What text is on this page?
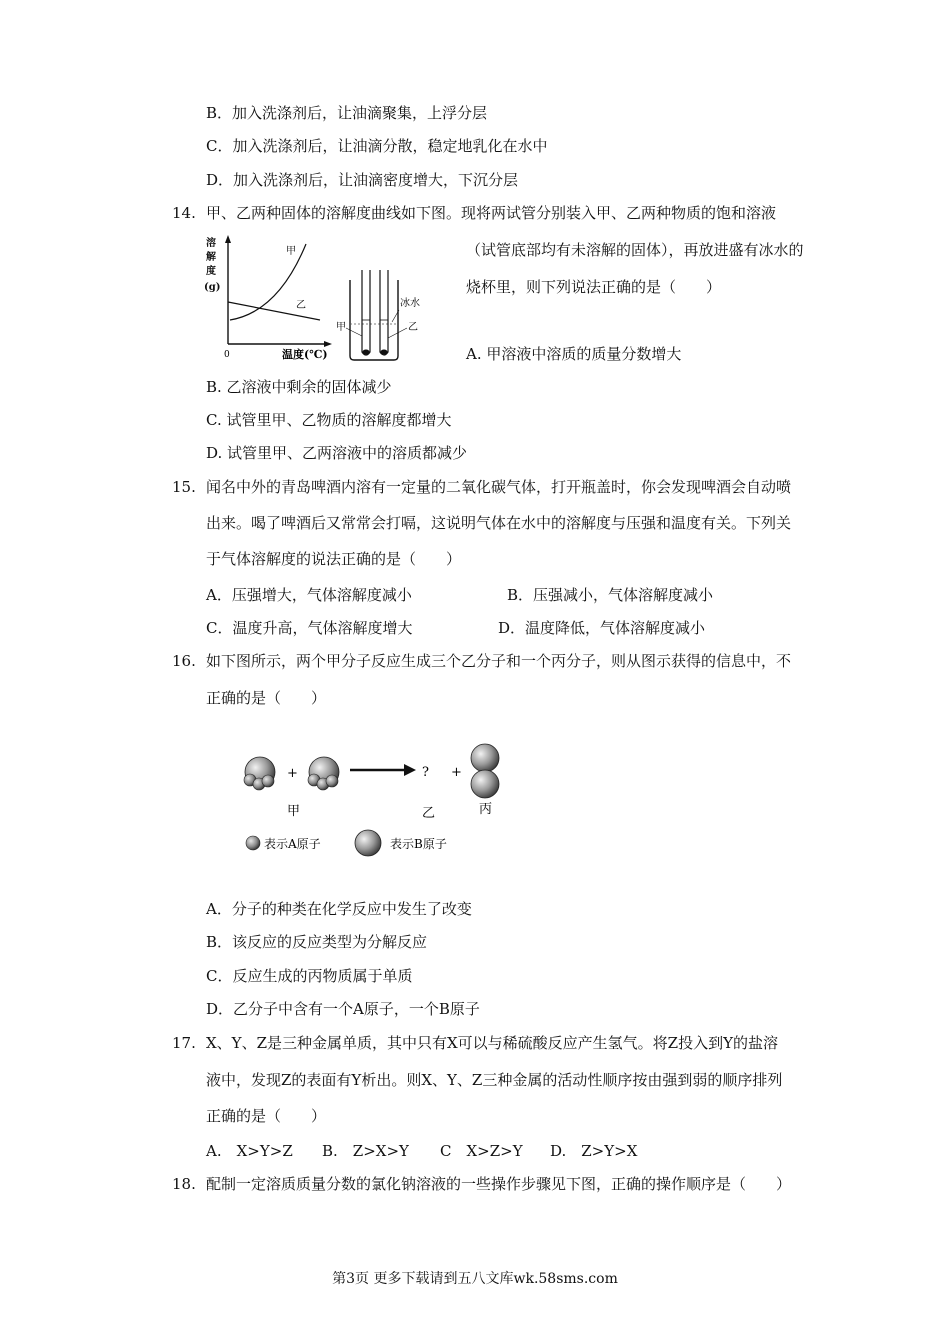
B．加入洗涤剂后，让油滴聚集，上浮分层
C．加入洗涤剂后，让油滴分散，稳定地乳化在水中
D．加入洗涤剂后，让油滴密度增大，下沉分层
14. 甲、乙两种固体的溶解度曲线如下图。现将两试管分别装入甲、乙两种物质的饱和溶液
（试管底部均有未溶解的固体），再放进盛有冰水的
烧杯里，则下列说法正确的是（　　）
溶
解
度
(g)
0	温度(℃)
甲
乙	冰水
乙
甲
A. 甲溶液中溶质的质量分数增大
B. 乙溶液中剩余的固体减少
C. 试管里甲、乙物质的溶解度都增大
D. 试管里甲、乙两溶液中的溶质都减少
15. 闻名中外的青岛啤酒内溶有一定量的二氧化碳气体，打开瓶盖时，你会发现啤酒会自动喷
出来。喝了啤酒后又常常会打嗝，这说明气体在水中的溶解度与压强和温度有关。下列关
于气体溶解度的说法正确的是（　　）
A．压强增大，气体溶解度减小	B．压强减小，气体溶解度减小
C．温度升高，气体溶解度增大	D．温度降低，气体溶解度减小
16. 如下图所示，两个甲分子反应生成三个乙分子和一个丙分子，则从图示获得的信息中，不
正确的是（　　）
+	? +
甲	乙	丙
表示A原子	表示B原子
A．分子的种类在化学反应中发生了改变
B．该反应的反应类型为分解反应
C．反应生成的丙物质属于单质
D．乙分子中含有一个A原子，一个B原子
17. X、Y、Z是三种金属单质，其中只有X可以与稀硫酸反应产生氢气。将Z投入到Y的盐溶
液中，发现Z的表面有Y析出。则X、Y、Z三种金属的活动性顺序按由强到弱的顺序排列
正确的是（　　）
A.　X>Y>Z B.　Z>X>Y C　X>Z>Y D.　Z>Y>X
18. 配制一定溶质质量分数的氯化钠溶液的一些操作步骤见下图，正确的操作顺序是（　　）
第3页 更多下载请到五八文库wk.58sms.com
